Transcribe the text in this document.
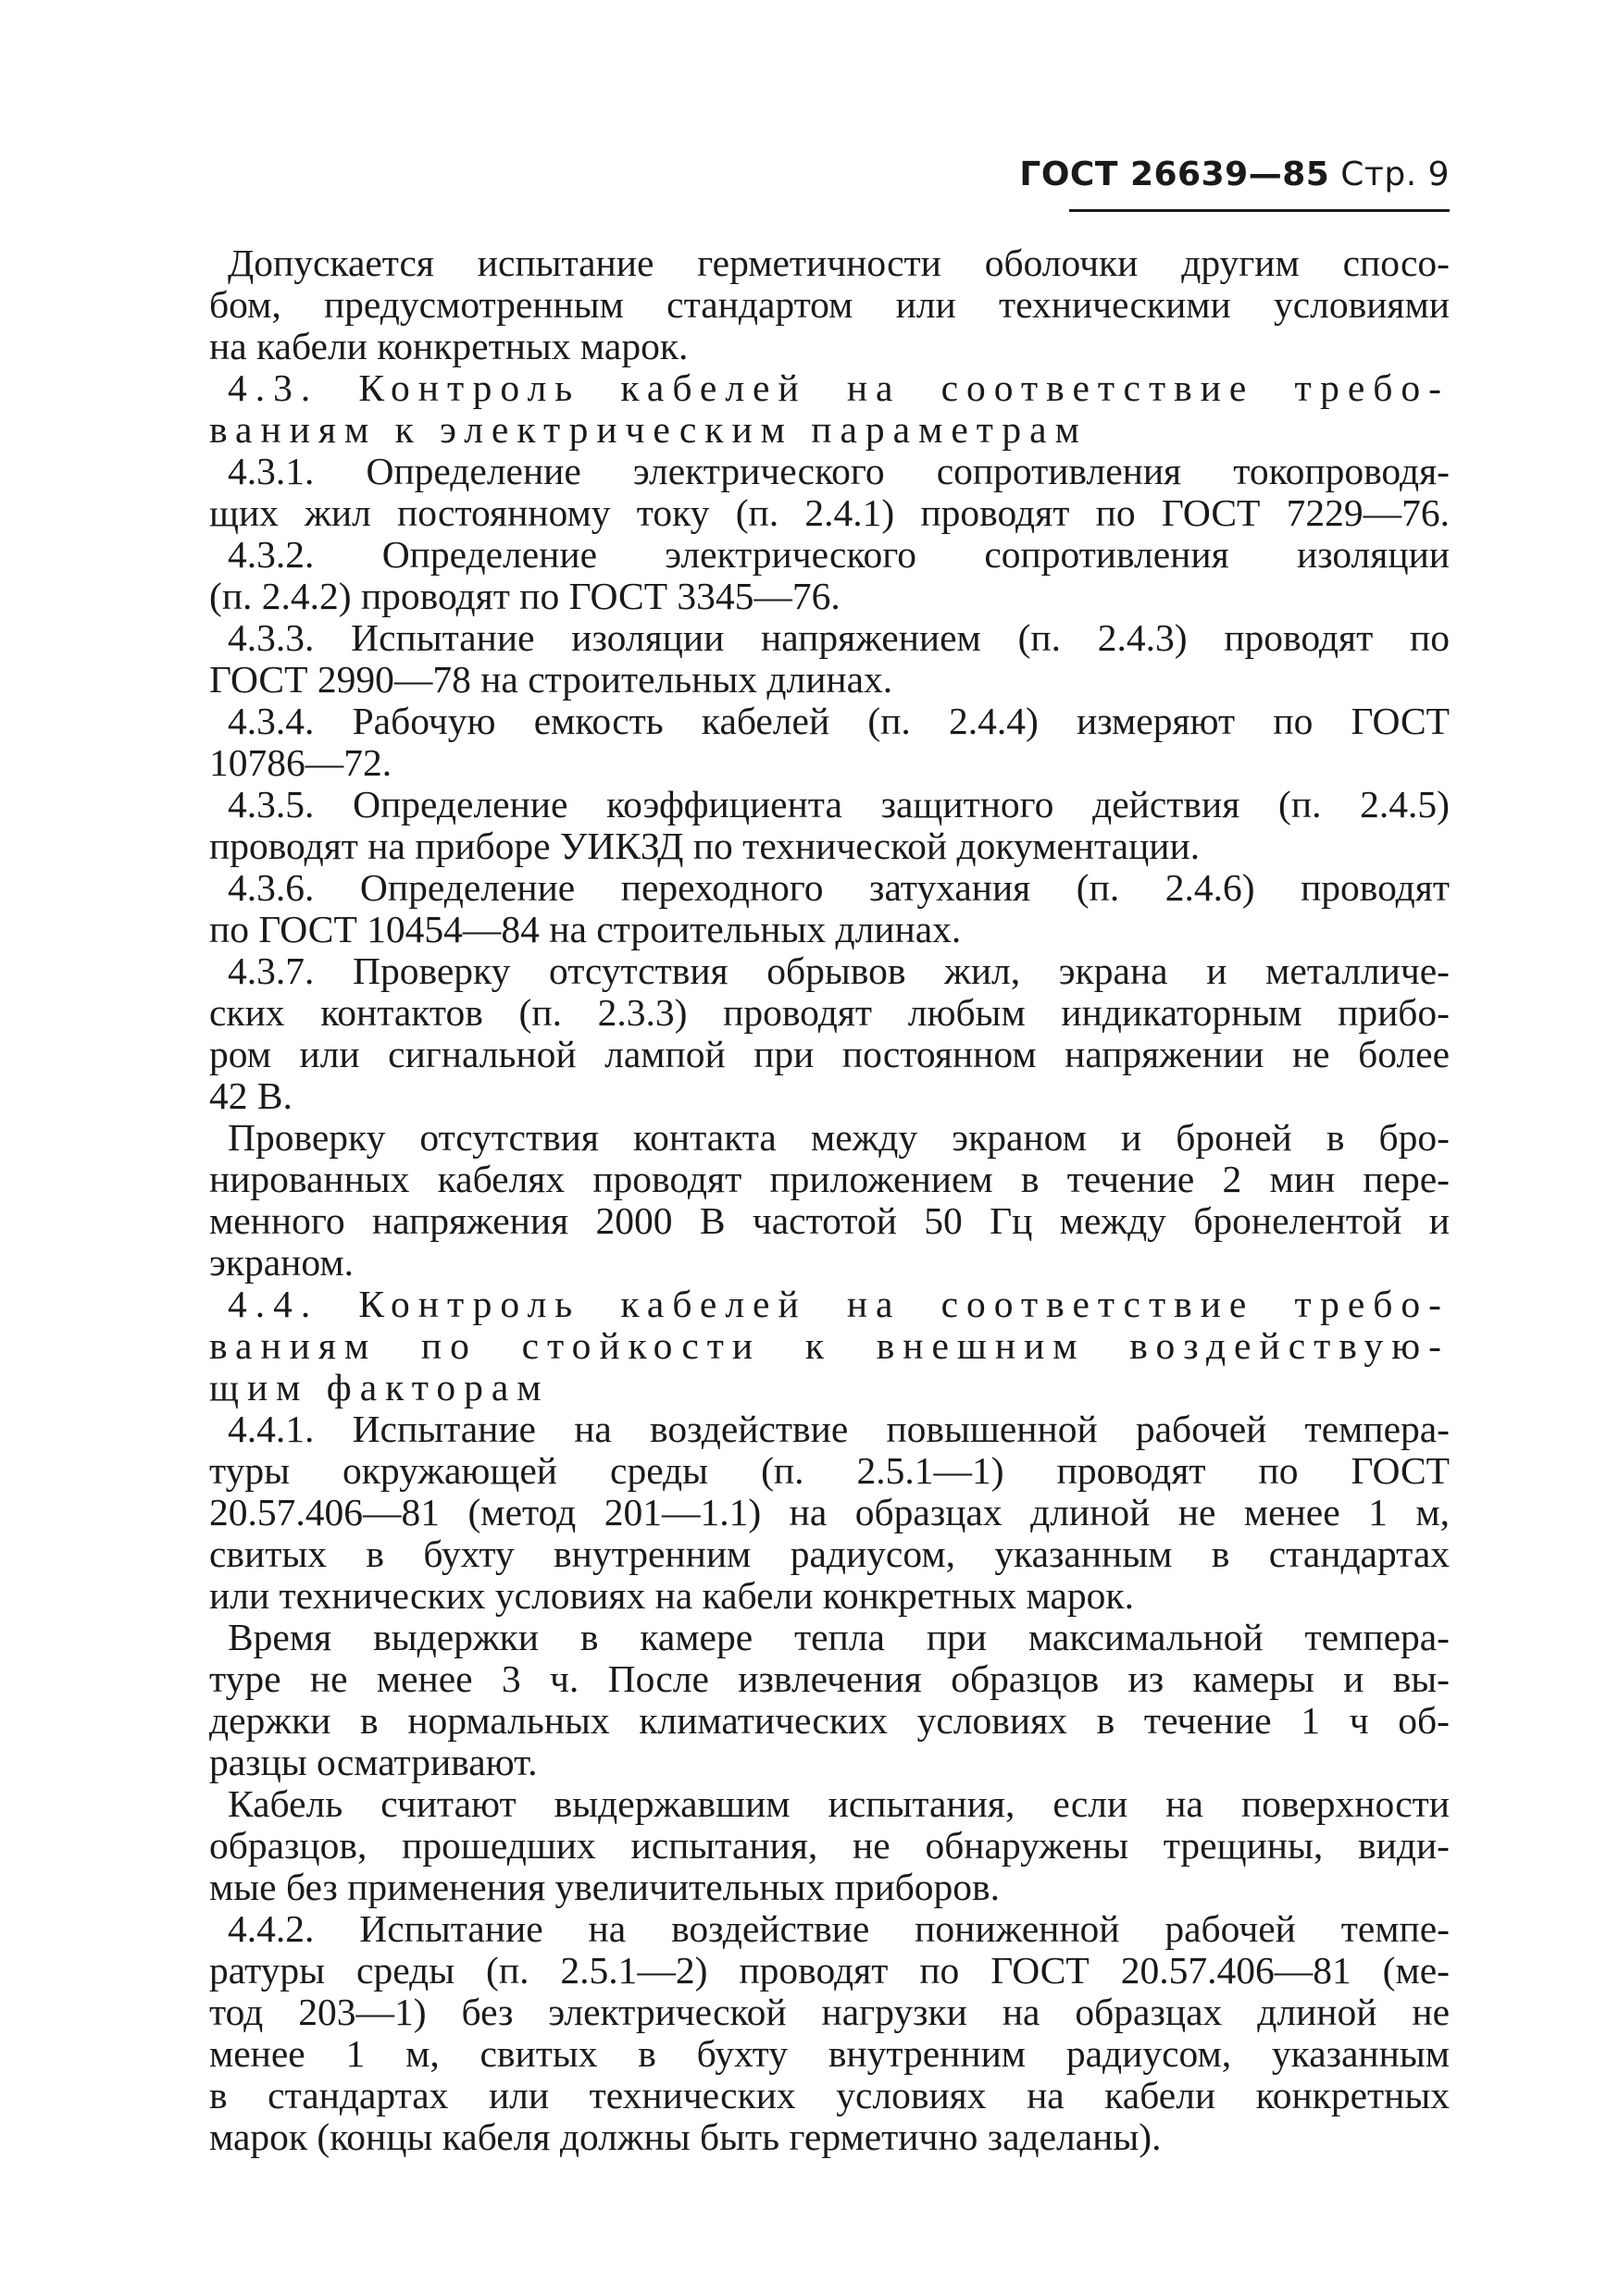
ГОСТ 26639—85 Стр. 9

Допускается испытание герметичности оболочки другим спосо-

бом, предусмотренным стандартом или техническими условиями

на кабели конкретных марок.

4.3. Контроль кабелей на соответствие требо-

ваниям к электрическим параметрам

4.3.1. Определение электрического сопротивления токопроводя-

щих жил постоянному току (п. 2.4.1) проводят по ГОСТ 7229—76.

4.3.2. Определение электрического сопротивления изоляции

(п. 2.4.2) проводят по ГОСТ 3345—76.

4.3.3. Испытание изоляции напряжением (п. 2.4.3) проводят по

ГОСТ 2990—78 на строительных длинах.

4.3.4. Рабочую емкость кабелей (п. 2.4.4) измеряют по ГОСТ

10786—72.

4.3.5. Определение коэффициента защитного действия (п. 2.4.5)

проводят на приборе УИКЗД по технической документации.

4.3.6. Определение переходного затухания (п. 2.4.6) проводят

по ГОСТ 10454—84 на строительных длинах.

4.3.7. Проверку отсутствия обрывов жил, экрана и металличе-

ских контактов (п. 2.3.3) проводят любым индикаторным прибо-

ром или сигнальной лампой при постоянном напряжении не более

42 В.

Проверку отсутствия контакта между экраном и броней в бро-

нированных кабелях проводят приложением в течение 2 мин пере-

менного напряжения 2000 В частотой 50 Гц между бронелентой и

экраном.

4.4. Контроль кабелей на соответствие требо-

ваниям по стойкости к внешним воздействую-

щим факторам

4.4.1. Испытание на воздействие повышенной рабочей темпера-

туры окружающей среды (п. 2.5.1—1) проводят по ГОСТ

20.57.406—81 (метод 201—1.1) на образцах длиной не менее 1 м,

свитых в бухту внутренним радиусом, указанным в стандартах

или технических условиях на кабели конкретных марок.

Время выдержки в камере тепла при максимальной темпера-

туре не менее 3 ч. После извлечения образцов из камеры и вы-

держки в нормальных климатических условиях в течение 1 ч об-

разцы осматривают.

Кабель считают выдержавшим испытания, если на поверхности

образцов, прошедших испытания, не обнаружены трещины, види-

мые без применения увеличительных приборов.

4.4.2. Испытание на воздействие пониженной рабочей темпе-

ратуры среды (п. 2.5.1—2) проводят по ГОСТ 20.57.406—81 (ме-

тод 203—1) без электрической нагрузки на образцах длиной не

менее 1 м, свитых в бухту внутренним радиусом, указанным

в стандартах или технических условиях на кабели конкретных

марок (концы кабеля должны быть герметично заделаны).
